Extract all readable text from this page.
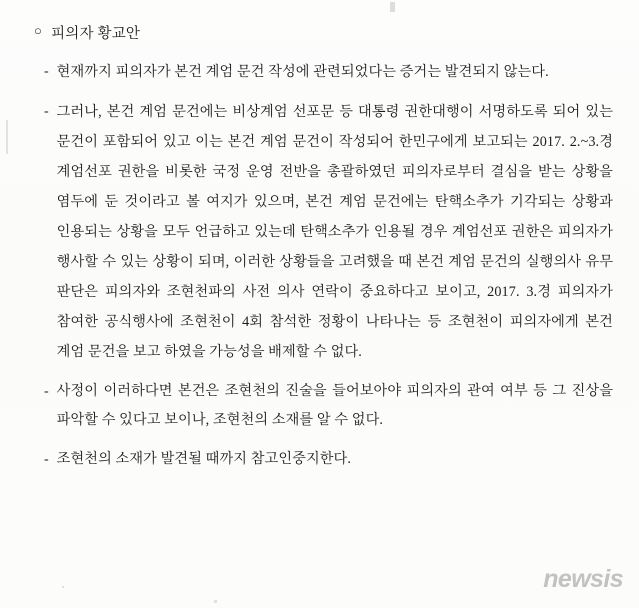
○ 피의자 황교안
- 현재까지 피의자가 본건 계엄 문건 작성에 관련되었다는 증거는 발견되지 않는다.
- 그러나, 본건 계엄 문건에는 비상계엄 선포문 등 대통령 권한대행이 서명하도록 되어 있는 문건이 포함되어 있고 이는 본건 계엄 문건이 작성되어 한민구에게 보고되는 2017. 2.~3.경 계엄선포 권한을 비롯한 국정 운영 전반을 총괄하였던 피의자로부터 결심을 받는 상황을 염두에 둔 것이라고 볼 여지가 있으며, 본건 계엄 문건에는 탄핵소추가 기각되는 상황과 인용되는 상황을 모두 언급하고 있는데 탄핵소추가 인용될 경우 계엄선포 권한은 피의자가 행사할 수 있는 상황이 되며, 이러한 상황들을 고려했을 때 본건 계엄 문건의 실행의사 유무 판단은 피의자와 조현천파의 사전 의사 연락이 중요하다고 보이고, 2017. 3.경 피의자가 참여한 공식행사에 조현천이 4회 참석한 정황이 나타나는 등 조현천이 피의자에게 본건 계엄 문건을 보고 하였을 가능성을 배제할 수 없다.
- 사정이 이러하다면 본건은 조현천의 진술을 들어보아야 피의자의 관여 여부 등 그 진상을 파악할 수 있다고 보이나, 조현천의 소재를 알 수 없다.
- 조현천의 소재가 발견될 때까지 참고인중지한다.
newsis
